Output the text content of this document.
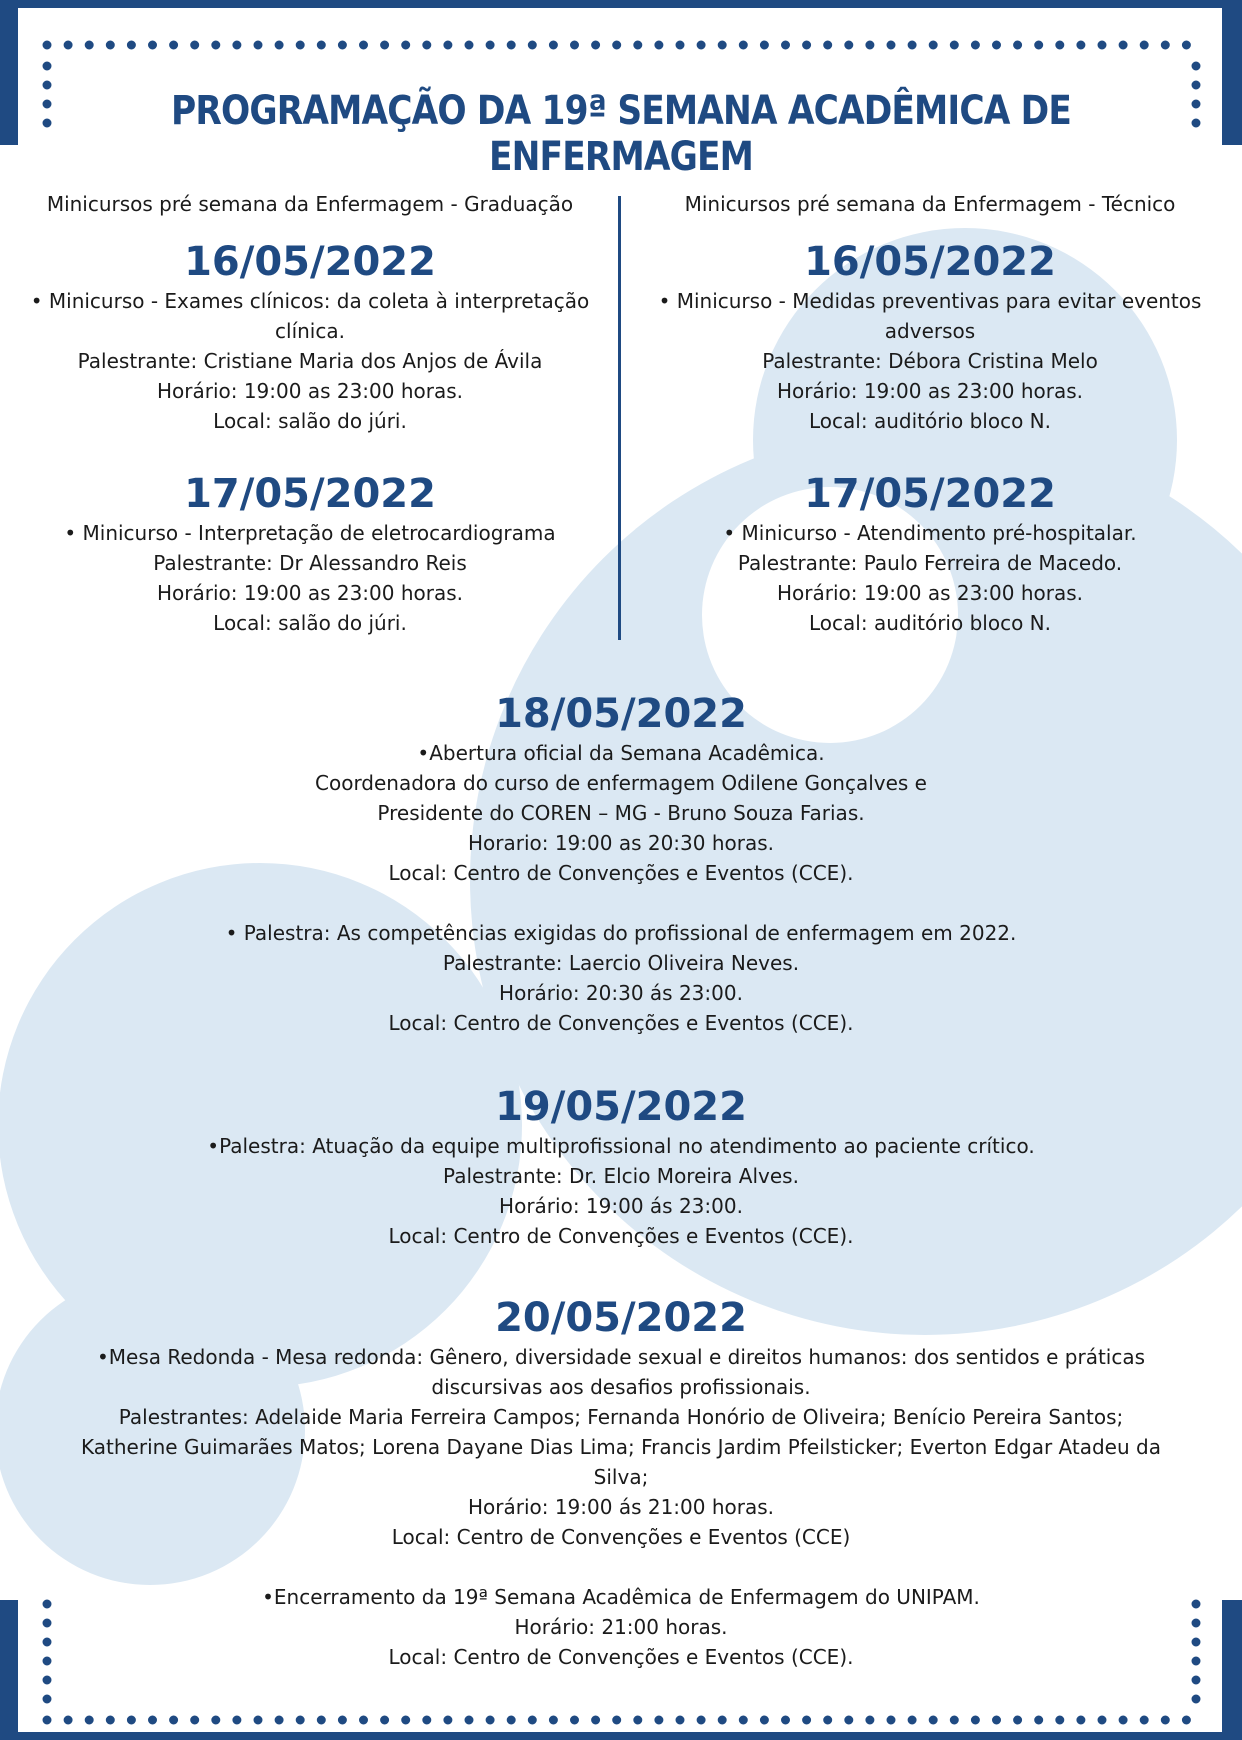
PROGRAMAÇÃO DA 19ª SEMANA ACADÊMICA DE ENFERMAGEM
Minicursos pré semana da Enfermagem - Graduação
16/05/2022
• Minicurso - Exames clínicos: da coleta à interpretação
clínica.
Palestrante: Cristiane Maria dos Anjos de Ávila
Horário: 19:00 as 23:00 horas.
Local: salão do júri.
17/05/2022
• Minicurso - Interpretação de eletrocardiograma
Palestrante: Dr Alessandro Reis
Horário: 19:00 as 23:00 horas.
Local: salão do júri.
Minicursos pré semana da Enfermagem - Técnico
16/05/2022
• Minicurso - Medidas preventivas para evitar eventos
adversos
Palestrante: Débora Cristina Melo
Horário: 19:00 as 23:00 horas.
Local: auditório bloco N.
17/05/2022
• Minicurso - Atendimento pré-hospitalar.
Palestrante: Paulo Ferreira de Macedo.
Horário: 19:00 as 23:00 horas.
Local: auditório bloco N.
18/05/2022
•Abertura oficial da Semana Acadêmica.
Coordenadora do curso de enfermagem Odilene Gonçalves e
Presidente do COREN – MG - Bruno Souza Farias.
Horario: 19:00 as 20:30 horas.
Local: Centro de Convenções e Eventos (CCE).
• Palestra: As competências exigidas do profissional de enfermagem em 2022.
Palestrante: Laercio Oliveira Neves.
Horário: 20:30 ás 23:00.
Local: Centro de Convenções e Eventos (CCE).
19/05/2022
•Palestra: Atuação da equipe multiprofissional no atendimento ao paciente crítico.
Palestrante: Dr. Elcio Moreira Alves.
Horário: 19:00 ás 23:00.
Local: Centro de Convenções e Eventos (CCE).
20/05/2022
•Mesa Redonda - Mesa redonda: Gênero, diversidade sexual e direitos humanos: dos sentidos e práticas
discursivas aos desafios profissionais.
Palestrantes: Adelaide Maria Ferreira Campos; Fernanda Honório de Oliveira; Benício Pereira Santos;
Katherine Guimarães Matos; Lorena Dayane Dias Lima; Francis Jardim Pfeilsticker; Everton Edgar Atadeu da
Silva;
Horário: 19:00 ás 21:00 horas.
Local: Centro de Convenções e Eventos (CCE)
•Encerramento da 19ª Semana Acadêmica de Enfermagem do UNIPAM.
Horário: 21:00 horas.
Local: Centro de Convenções e Eventos (CCE).
